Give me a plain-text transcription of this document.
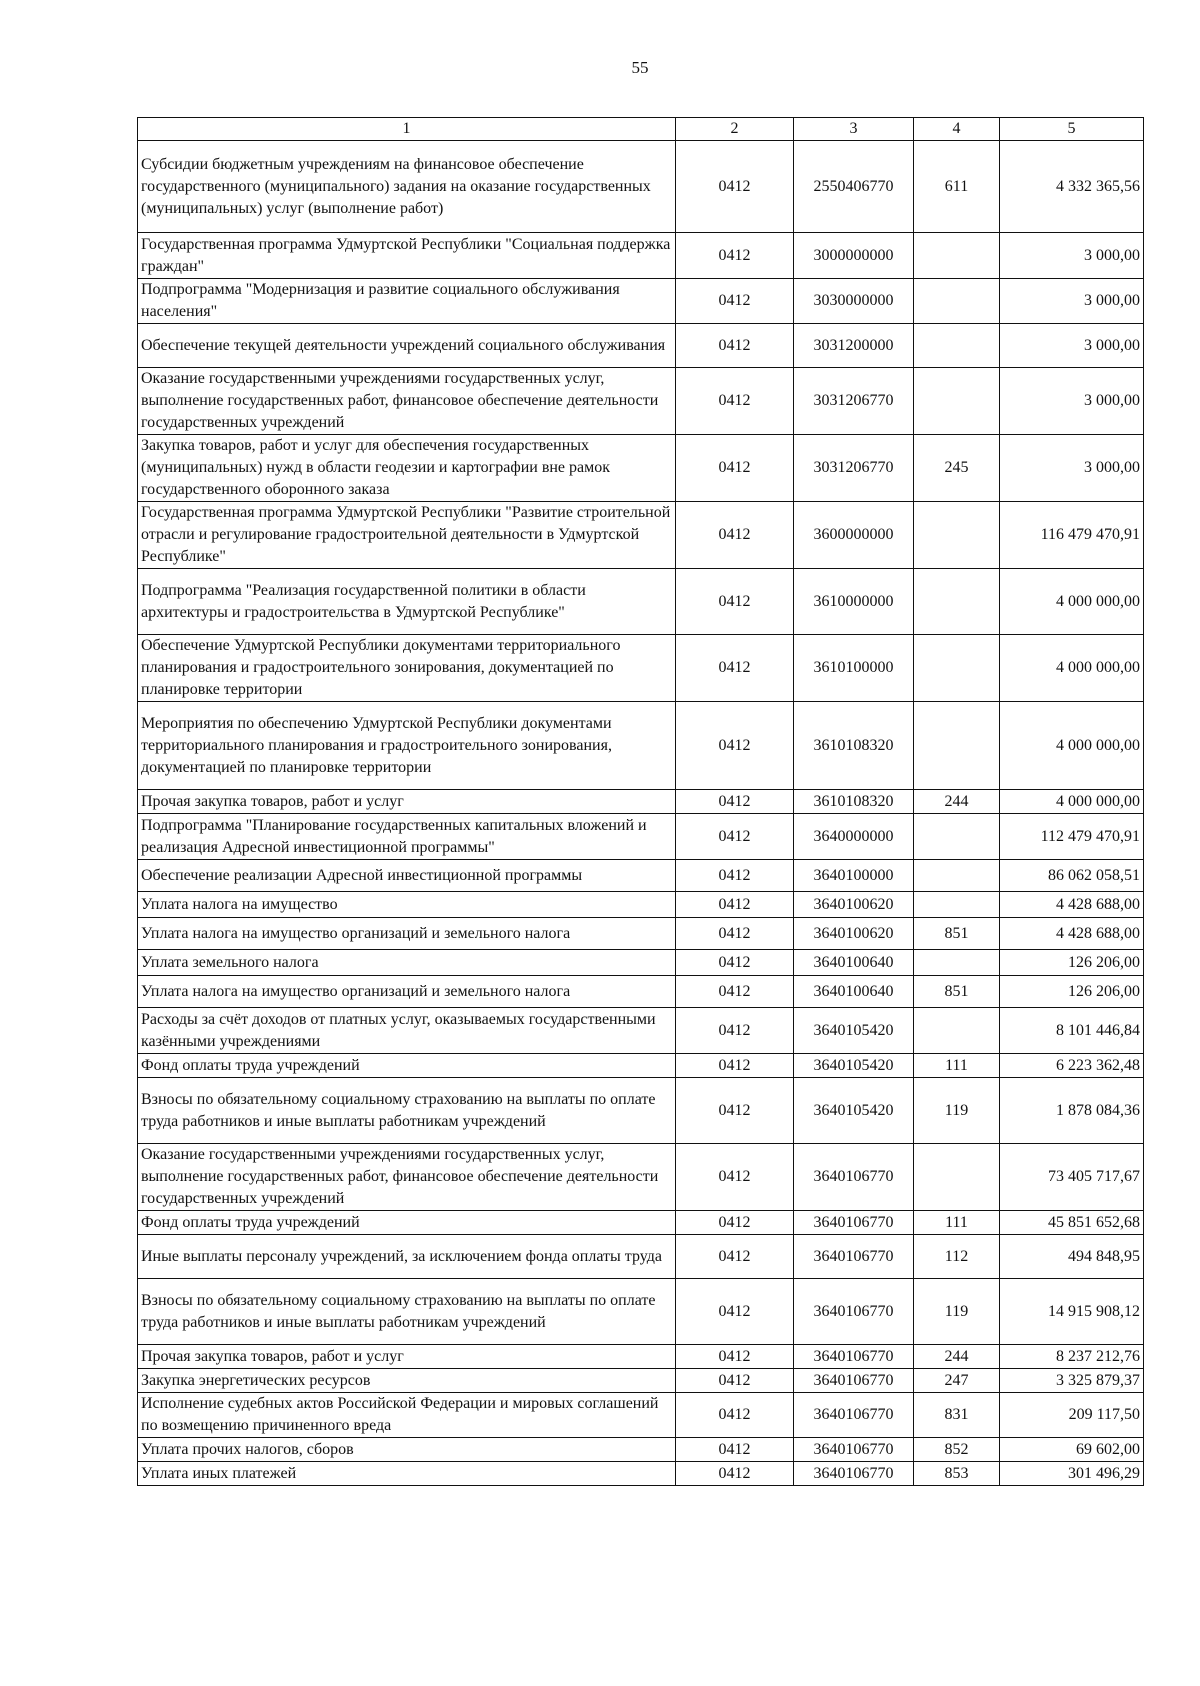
55
1	2	3	4	5
Субсидии бюджетным учреждениям на финансовое обеспечение государственного (муниципального) задания на оказание государственных (муниципальных) услуг (выполнение работ)	0412	2550406770	611	4 332 365,56
Государственная программа Удмуртской Республики "Социальная поддержка граждан"	0412	3000000000		3 000,00
Подпрограмма "Модернизация и развитие социального обслуживания населения"	0412	3030000000		3 000,00
Обеспечение текущей деятельности учреждений социального обслуживания	0412	3031200000		3 000,00
Оказание государственными учреждениями государственных услуг, выполнение государственных работ, финансовое обеспечение деятельности государственных учреждений	0412	3031206770		3 000,00
Закупка товаров, работ и услуг для обеспечения государственных (муниципальных) нужд в области геодезии и картографии вне рамок государственного оборонного заказа	0412	3031206770	245	3 000,00
Государственная программа Удмуртской Республики "Развитие строительной отрасли и регулирование градостроительной деятельности в Удмуртской Республике"	0412	3600000000		116 479 470,91
Подпрограмма "Реализация государственной политики в области архитектуры и градостроительства в Удмуртской Республике"	0412	3610000000		4 000 000,00
Обеспечение Удмуртской Республики документами территориального планирования и градостроительного зонирования, документацией по планировке территории	0412	3610100000		4 000 000,00
Мероприятия по обеспечению Удмуртской Республики документами территориального планирования и градостроительного зонирования, документацией по планировке территории	0412	3610108320		4 000 000,00
Прочая закупка товаров, работ и услуг	0412	3610108320	244	4 000 000,00
Подпрограмма "Планирование государственных капитальных вложений и реализация Адресной инвестиционной программы"	0412	3640000000		112 479 470,91
Обеспечение реализации Адресной инвестиционной программы	0412	3640100000		86 062 058,51
Уплата налога на имущество	0412	3640100620		4 428 688,00
Уплата налога на имущество организаций и земельного налога	0412	3640100620	851	4 428 688,00
Уплата земельного налога	0412	3640100640		126 206,00
Уплата налога на имущество организаций и земельного налога	0412	3640100640	851	126 206,00
Расходы за счёт доходов от платных услуг, оказываемых государственными казёнными учреждениями	0412	3640105420		8 101 446,84
Фонд оплаты труда учреждений	0412	3640105420	111	6 223 362,48
Взносы по обязательному социальному страхованию на выплаты по оплате труда работников и иные выплаты работникам учреждений	0412	3640105420	119	1 878 084,36
Оказание государственными учреждениями государственных услуг, выполнение государственных работ, финансовое обеспечение деятельности государственных учреждений	0412	3640106770		73 405 717,67
Фонд оплаты труда учреждений	0412	3640106770	111	45 851 652,68
Иные выплаты персоналу учреждений, за исключением фонда оплаты труда	0412	3640106770	112	494 848,95
Взносы по обязательному социальному страхованию на выплаты по оплате труда работников и иные выплаты работникам учреждений	0412	3640106770	119	14 915 908,12
Прочая закупка товаров, работ и услуг	0412	3640106770	244	8 237 212,76
Закупка энергетических ресурсов	0412	3640106770	247	3 325 879,37
Исполнение судебных актов Российской Федерации и мировых соглашений по возмещению причиненного вреда	0412	3640106770	831	209 117,50
Уплата прочих налогов, сборов	0412	3640106770	852	69 602,00
Уплата иных платежей	0412	3640106770	853	301 496,29
